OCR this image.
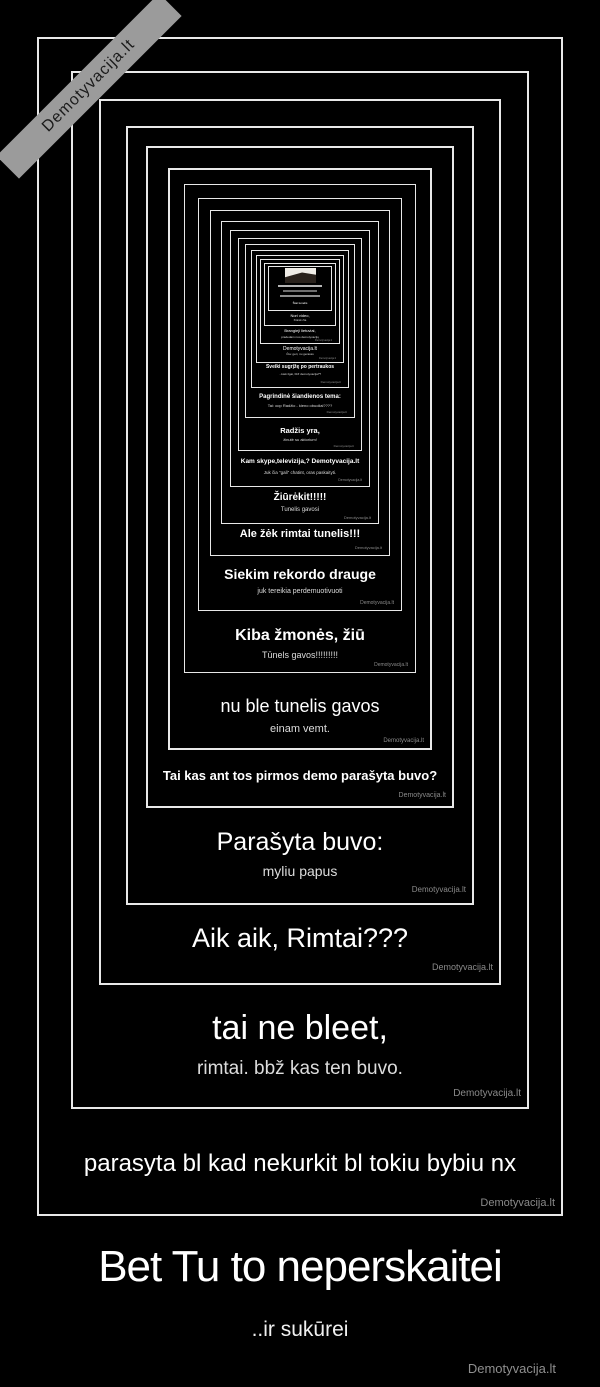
Demotyvacija.lt
parasyta bl kad nekurkit bl tokiu bybiu nx
Demotyvacija.lt
tai ne bleet,
rimtai. bbž kas ten buvo.
Demotyvacija.lt
Aik aik, Rimtai???
Demotyvacija.lt
Parašyta buvo:
myliu papus
Demotyvacija.lt
Tai kas ant tos pirmos demo parašyta buvo?
Demotyvacija.lt
nu ble tunelis gavos
einam vemt.
Demotyvacija.lt
Kiba žmonės, žiū
Tūnels gavos!!!!!!!!!
Demotyvacija.lt
Siekim rekordo drauge
juk tereikia perdemuotivuoti
Demotyvacija.lt
Ale žėk rimtai tunelis!!!
Demotyvacija.lt
Žiūrėkit!!!!!
Tunelis gavosi
Demotyvacija.lt
Kam skype,televizija,? Demotyvacija.lt
Juk čia "gali" chatint, oras paskaityti.
Demotyvacija.lt
Radžis yra,
žinutė su aktorium!
Demotyvacija.lt
Pagrindinė šiandienos tema:
Tai: oop Radžio - kieno obuoliai????
Demotyvacija.lt
Sveiki sugrįžę po pertraukos
...kiek ilgai, bbž demotyvacija??
Demotyvacija.lt
Demotyvacija.lt
Čia: geri, nu gerasss
Demotyvacija.lt
Brangieji lietuviai,
pradedam nuo demotyvacijų
Demotyvacija.lt
Nori video,
žiūrėk čia
Štai tunelis
Bet Tu to neperskaitei
..ir sukūrei
Demotyvacija.lt
